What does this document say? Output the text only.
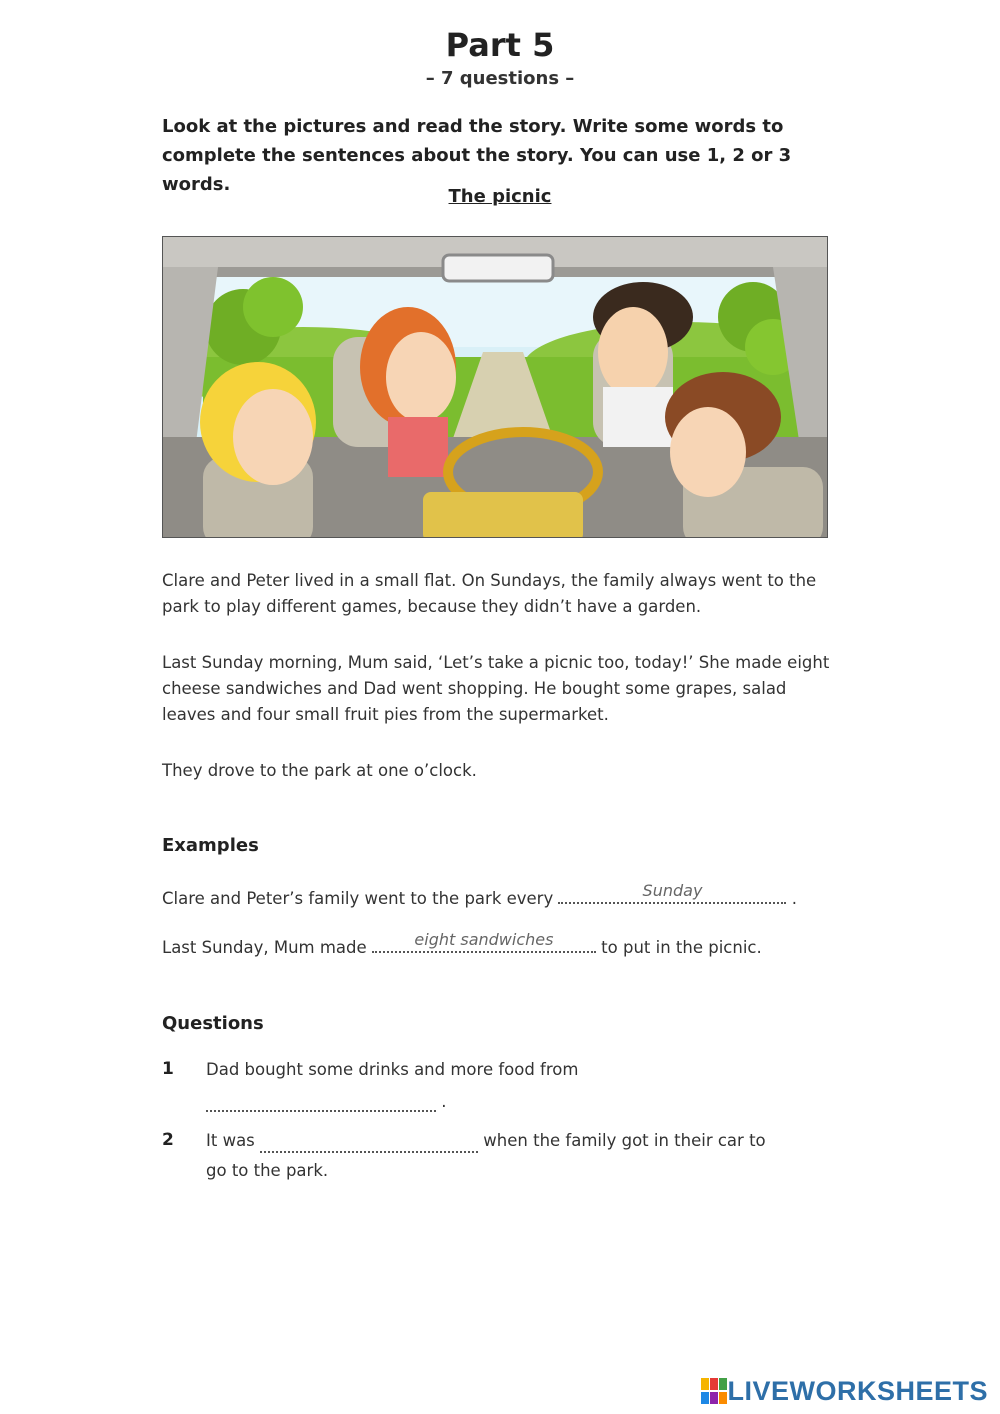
Part 5
– 7 questions –
Look at the pictures and read the story. Write some words to
complete the sentences about the story. You can use 1, 2 or 3 words.
The picnic
Clare and Peter lived in a small flat. On Sundays, the family always went to the park to play different games, because they didn’t have a garden.
Last Sunday morning, Mum said, ‘Let’s take a picnic too, today!’ She made eight cheese sandwiches and Dad went shopping. He bought some grapes, salad leaves and four small fruit pies from the supermarket.
They drove to the park at one o’clock.
Examples
Clare and Peter’s family went to the park every	Sunday	.
Last Sunday, Mum made	eight sandwiches	to put in the picnic.
Questions
1 Dad bought some drinks and more food from
.
2 It was	when the family got in their car to
go to the park.
LIVEWORKSHEETS
